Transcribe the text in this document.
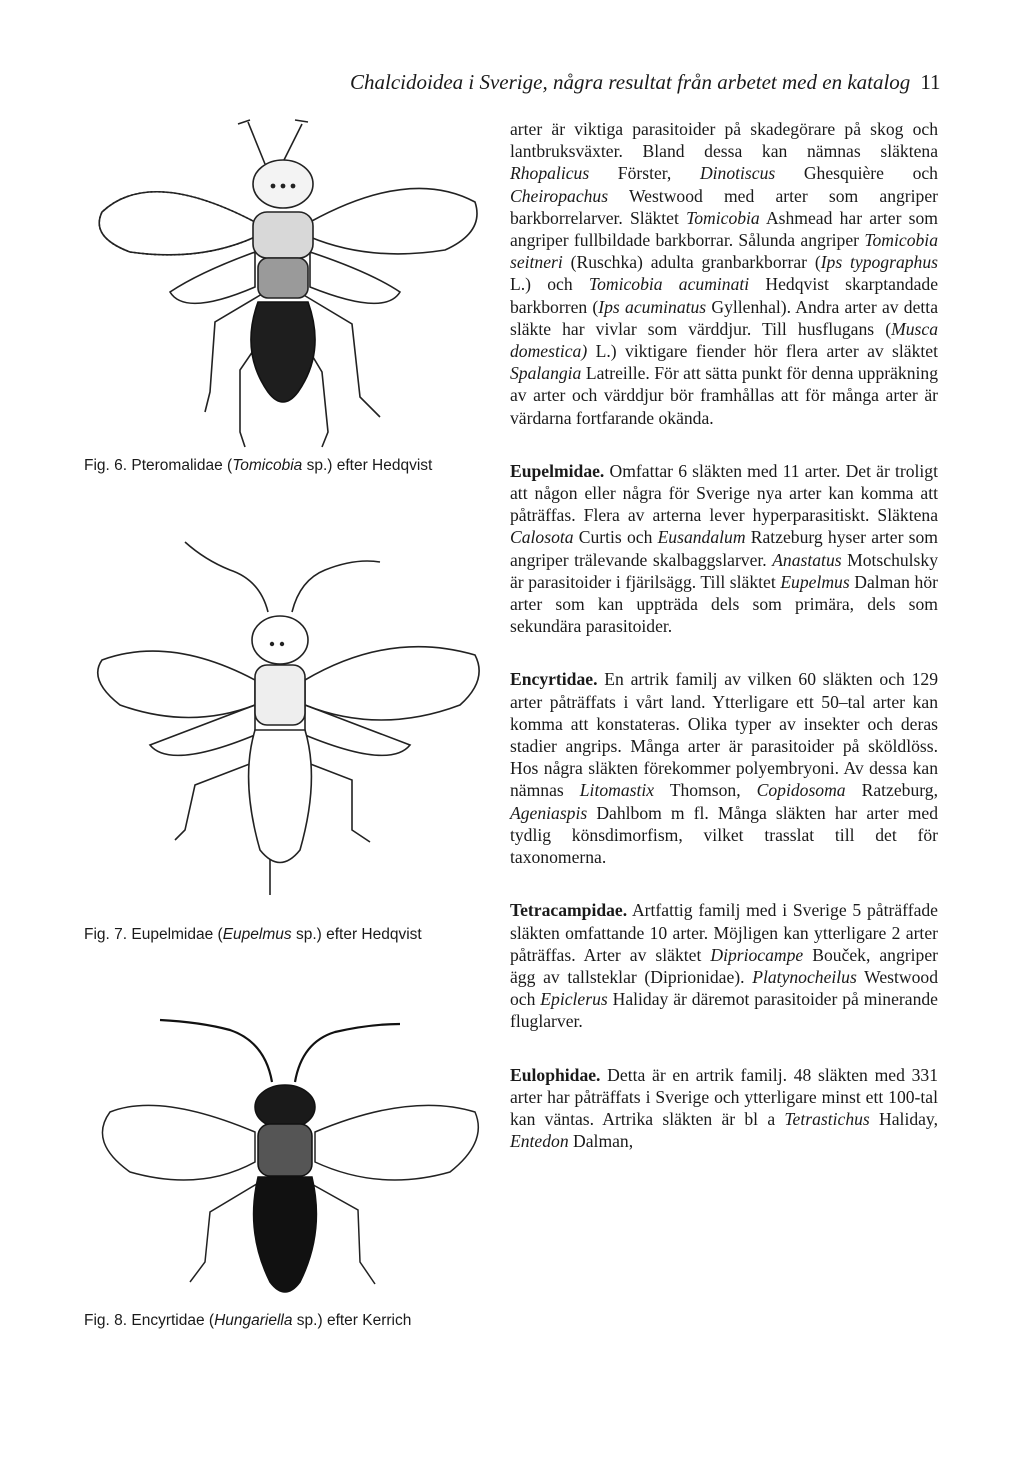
Chalcidoidea i Sverige, några resultat från arbetet med en katalog 11
Fig. 6. Pteromalidae (Tomicobia sp.) efter Hedqvist
Fig. 7. Eupelmidae (Eupelmus sp.) efter Hedqvist
Fig. 8. Encyrtidae (Hungariella sp.) efter Kerrich

arter är viktiga parasitoider på skadegörare på skog och lantbruksväxter. Bland dessa kan nämnas släktena Rhopalicus Förster, Dinotiscus Ghesquière och Cheiropachus Westwood med arter som angriper barkborrelarver. Släktet Tomicobia Ashmead har arter som angriper fullbildade barkborrar. Sålunda angriper Tomicobia seitneri (Ruschka) adulta granbarkborrar (Ips typographus L.) och Tomicobia acuminati Hedqvist skarptandade barkborren (Ips acuminatus Gyllenhal). Andra arter av detta släkte har vivlar som värddjur. Till husflugans (Musca domestica) L.) viktigare fiender hör flera arter av släktet Spalangia Latreille. För att sätta punkt för denna uppräkning av arter och värddjur bör framhållas att för många arter är värdarna fortfarande okända.

Eupelmidae. Omfattar 6 släkten med 11 arter. Det är troligt att någon eller några för Sverige nya arter kan komma att påträffas. Flera av arterna lever hyperparasitiskt. Släktena Calosota Curtis och Eusandalum Ratzeburg hyser arter som angriper trälevande skalbaggslarver. Anastatus Motschulsky är parasitoider i fjärilsägg. Till släktet Eupelmus Dalman hör arter som kan uppträda dels som primära, dels som sekundära parasitoider.

Encyrtidae. En artrik familj av vilken 60 släkten och 129 arter påträffats i vårt land. Ytterligare ett 50–tal arter kan komma att konstateras. Olika typer av insekter och deras stadier angrips. Många arter är parasitoider på sköldlöss. Hos några släkten förekommer polyembryoni. Av dessa kan nämnas Litomastix Thomson, Copidosoma Ratzeburg, Ageniaspis Dahlbom m fl. Många släkten har arter med tydlig könsdimorfism, vilket trasslat till det för taxonomerna.

Tetracampidae. Artfattig familj med i Sverige 5 påträffade släkten omfattande 10 arter. Möjligen kan ytterligare 2 arter påträffas. Arter av släktet Dipriocampe Bouček, angriper ägg av tallsteklar (Diprionidae). Platynocheilus Westwood och Epiclerus Haliday är däremot parasitoider på minerande fluglarver.

Eulophidae. Detta är en artrik familj. 48 släkten med 331 arter har påträffats i Sverige och ytterligare minst ett 100-tal kan väntas. Artrika släkten är bl a Tetrastichus Haliday, Entedon Dalman,
